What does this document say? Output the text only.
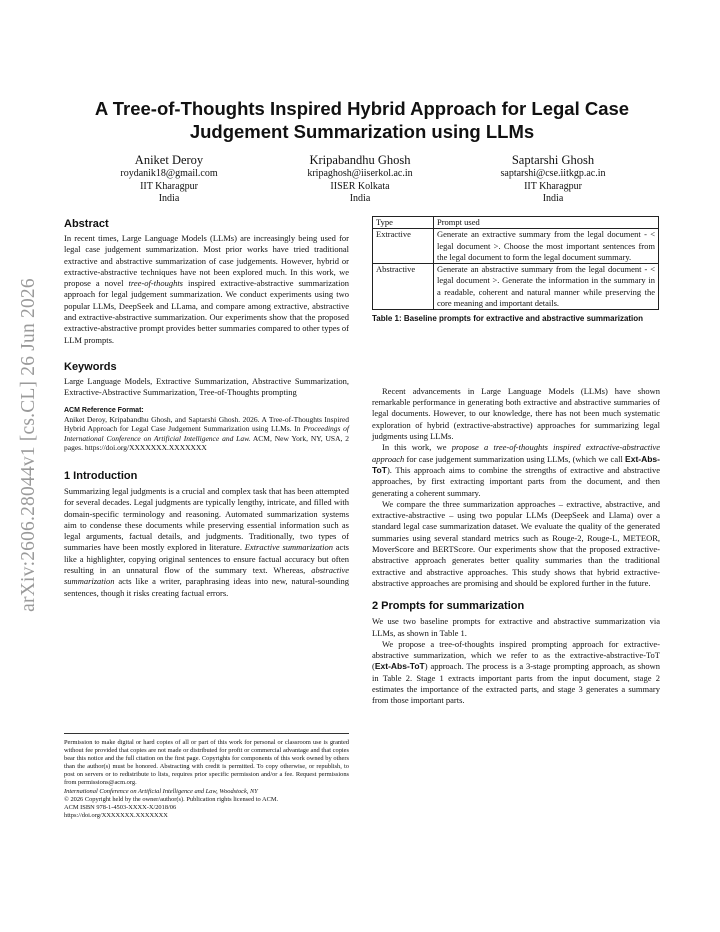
arXiv:2606.28044v1 [cs.CL] 26 Jun 2026
A Tree-of-Thoughts Inspired Hybrid Approach for Legal Case Judgement Summarization using LLMs
Aniket Deroy
roydanik18@gmail.com
IIT Kharagpur
India
Kripabandhu Ghosh
kripaghosh@iiserkol.ac.in
IISER Kolkata
India
Saptarshi Ghosh
saptarshi@cse.iitkgp.ac.in
IIT Kharagpur
India
Abstract

In recent times, Large Language Models (LLMs) are increasingly being used for legal case judgement summarization. Most prior works have tried traditional extractive and abstractive summarization of case judgements. However, hybrid or extractive-abstractive techniques have not been explored much. In this work, we propose a novel tree-of-thoughts inspired extractive-abstractive summarization approach for legal judgement summarization. We conduct experiments using two popular LLMs, DeepSeek and LLama, and compare among extractive, abstractive and extractive-abstractive summarization. Our experiments show that the proposed extractive-abstractive prompt provides better summaries compared to other types of LLM prompts.

Keywords

Large Language Models, Extractive Summarization, Abstractive Summarization, Extractive-Abstractive Summarization, Tree-of-Thoughts prompting

ACM Reference Format:

Aniket Deroy, Kripabandhu Ghosh, and Saptarshi Ghosh. 2026. A Tree-of-Thoughts Inspired Hybrid Approach for Legal Case Judgement Summarization using LLMs. In Proceedings of International Conference on Artificial Intelligence and Law. ACM, New York, NY, USA, 2 pages. https://doi.org/XXXXXXX.XXXXXXX

1 Introduction

Summarizing legal judgments is a crucial and complex task that has been attempted for several decades. Legal judgments are typically lengthy, intricate, and filled with domain-specific terminology and reasoning. Automated summarization systems aim to condense these documents while preserving essential information such as legal arguments, factual details, and judgments. Traditionally, two types of summaries have been mostly explored in literature. Extractive summarization acts like a highlighter, copying original sentences to ensure factual accuracy but often resulting in an unnatural flow of the summary text. Whereas, abstractive summarization acts like a writer, paraphrasing ideas into new, natural-sounding sentences, though it risks creating factual errors.

Permission to make digital or hard copies of all or part of this work for personal or classroom use is granted without fee provided that copies are not made or distributed for profit or commercial advantage and that copies bear this notice and the full citation on the first page. Copyrights for components of this work owned by others than the author(s) must be honored. Abstracting with credit is permitted. To copy otherwise, or republish, to post on servers or to redistribute to lists, requires prior specific permission and/or a fee. Request permissions from permissions@acm.org.

International Conference on Artificial Intelligence and Law, Woodstock, NY

© 2026 Copyright held by the owner/author(s). Publication rights licensed to ACM.

ACM ISBN 978-1-4503-XXXX-X/2018/06

https://doi.org/XXXXXXX.XXXXXXX

Type	Prompt used
Extractive	Generate an extractive summary from the legal document - < legal document >. Choose the most important sentences from the legal document to form the legal document summary.
Abstractive	Generate an abstractive summary from the legal document - < legal document >. Generate the information in the summary in a readable, coherent and natural manner while preserving the core meaning and important details.
Table 1: Baseline prompts for extractive and abstractive summarization

Recent advancements in Large Language Models (LLMs) have shown remarkable performance in generating both extractive and abstractive summaries of legal documents. However, to our knowledge, there has not been much systematic exploration of hybrid (extractive-abstractive) approaches for summarizing legal judgments using LLMs.

In this work, we propose a tree-of-thoughts inspired extractive-abstractive approach for case judgement summarization using LLMs, (which we call Ext-Abs-ToT). This approach aims to combine the strengths of extractive and abstractive approaches, by first extracting important parts from the document, and then generating a coherent summary.

We compare the three summarization approaches – extractive, abstractive, and extractive-abstractive – using two popular LLMs (DeepSeek and Llama) over a standard legal case summarization dataset. We evaluate the quality of the generated summaries using several standard metrics such as Rouge-2, Rouge-L, METEOR, MoverScore and BERTScore. Our experiments show that the proposed extractive-abstractive approach generates better quality summaries than the traditional extractive and abstractive approaches. This study shows that hybrid extractive-abstractive approaches are promising and should be explored further in the future.

2 Prompts for summarization

We use two baseline prompts for extractive and abstractive summarization via LLMs, as shown in Table 1.

We propose a tree-of-thoughts inspired prompting approach for extractive-abstractive summarization, which we refer to as the extractive-abstractive-ToT (Ext-Abs-ToT) approach. The process is a 3-stage prompting approach, as shown in Table 2. Stage 1 extracts important parts from the input document, stage 2 estimates the importance of the extracted parts, and stage 3 generates a summary from those important parts.
